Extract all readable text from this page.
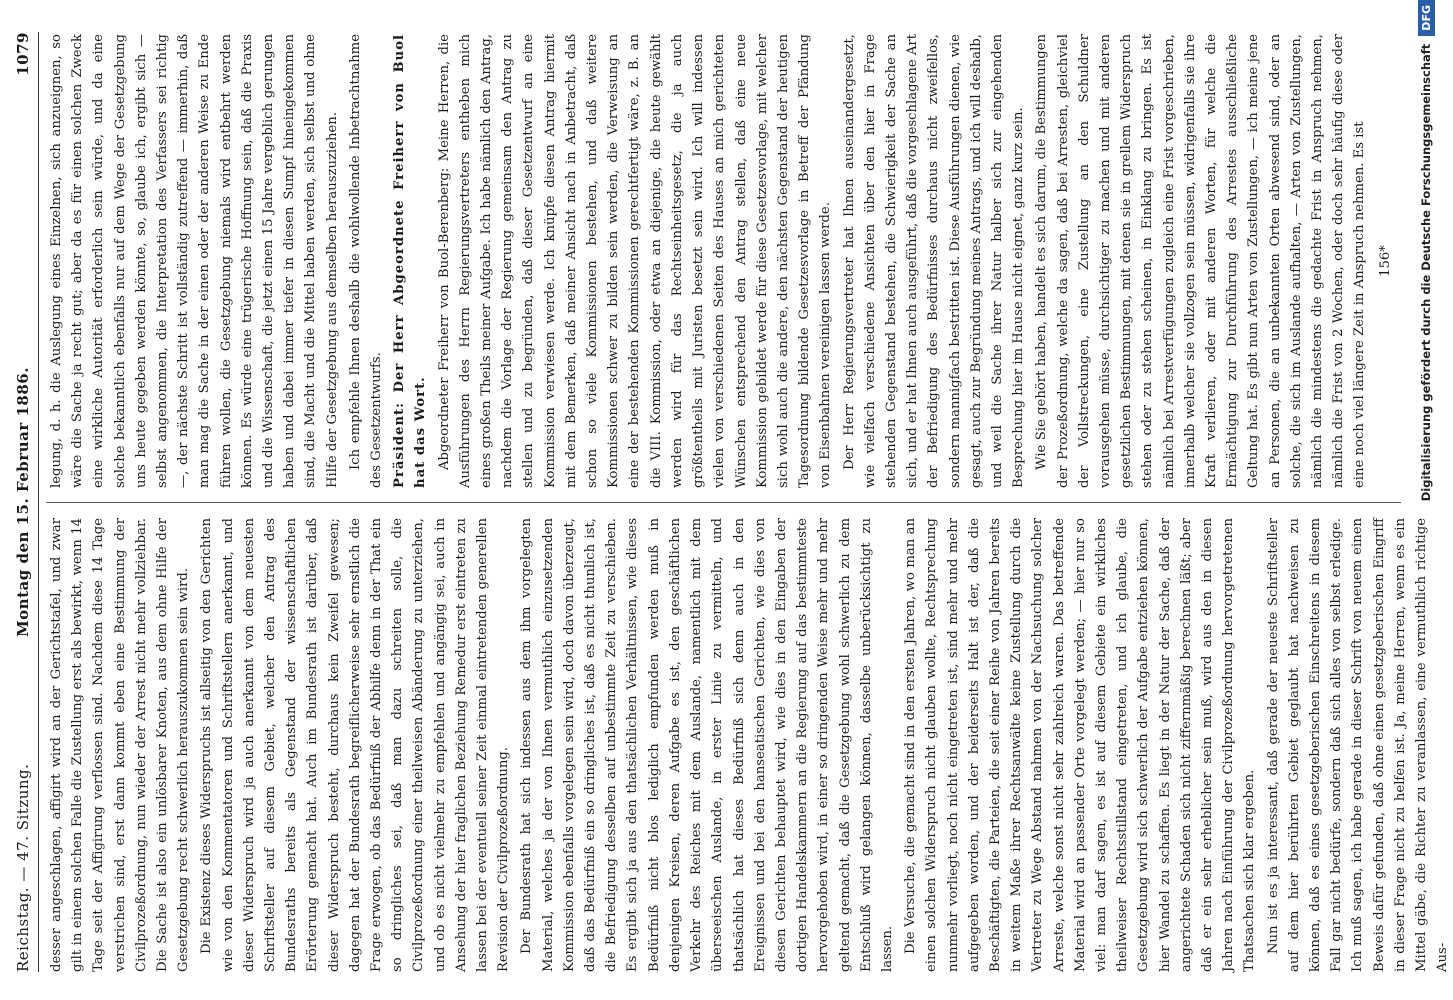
Reichstag. — 47. Sitzung.
Montag den 15. Februar 1886.
1079

desser angeschlagen, affigirt wird an der Gerichtstafel, und zwar gilt in einem solchen Falle die Zustellung erst als bewirkt, wenn 14 Tage seit der Affigirung verflossen sind. Nachdem diese 14 Tage verstrichen sind, erst dann kommt eben eine Bestimmung der Civilprozeßordnung, nun wieder der Arrest nicht mehr vollziehbar. Die Sache ist also ein unlösbarer Knoten, aus dem ohne Hilfe der Gesetzgebung recht schwerlich herauszukommen sein wird. Die Existenz dieses Widerspruchs ist allseitig von den Gerichten wie von den Kommentatoren und Schriftstellern anerkannt, und dieser Widerspruch wird ja auch anerkannt von dem neuesten Schriftsteller auf diesem Gebiet, welcher den Antrag des Bundesraths bereits als Gegenstand der wissenschaftlichen Erörterung gemacht hat. Auch im Bundesrath ist darüber, daß dieser Widerspruch besteht, durchaus kein Zweifel gewesen; dagegen hat der Bundesrath begreiflicherweise sehr ernstlich die Frage erwogen, ob das Bedürfniß der Abhilfe denn in der That ein so dringliches sei, daß man dazu schreiten solle, die Civilprozeßordnung einer theilweisen Abänderung zu unterziehen, und ob es nicht vielmehr zu empfehlen und angängig sei, auch in Ansehung der hier fraglichen Beziehung Remedur erst eintreten zu lassen bei der eventuell seiner Zeit einmal eintretenden generellen Revision der Civilprozeßordnung. Der Bundesrath hat sich indessen aus dem ihm vorgelegten Material, welches ja der von Ihnen vermuthlich einzusetzenden Kommission ebenfalls vorgelegen sein wird, doch davon überzeugt, daß das Bedürfniß ein so dringliches ist, daß es nicht thunlich ist, die Befriedigung desselben auf unbestimmte Zeit zu verschieben. Es ergibt sich ja aus den thatsächlichen Verhältnissen, wie dieses Bedürfniß nicht blos lediglich empfunden werden muß in denjenigen Kreisen, deren Aufgabe es ist, den geschäftlichen Verkehr des Reiches mit dem Auslande, namentlich mit dem überseeischen Auslande, in erster Linie zu vermitteln, und thatsächlich hat dieses Bedürfniß sich denn auch in den Ereignissen und bei den hanseatischen Gerichten, wie dies von diesen Gerichten behauptet wird, wie dies in den Eingaben der dortigen Handelskammern an die Regierung auf das bestimmteste hervorgehoben wird, in einer so dringenden Weise mehr und mehr geltend gemacht, daß die Gesetzgebung wohl schwerlich zu dem Entschluß wird gelangen können, dasselbe unberücksichtigt zu lassen. Die Versuche, die gemacht sind in den ersten Jahren, wo man an einen solchen Widerspruch nicht glauben wollte, Rechtsprechung nunmehr vorliegt, noch nicht eingetreten ist, sind mehr und mehr aufgegeben worden, und der beiderseits Halt ist der, daß die Beschäftigten, die Parteien, die seit einer Reihe von Jahren bereits in weitem Maße ihrer Rechtsanwälte keine Zustellung durch die Vertreter zu Wege Abstand nahmen von der Nachsuchung solcher Arreste, welche sonst nicht sehr zahlreich waren. Das betreffende Material wird an passender Orte vorgelegt werden; — hier nur so viel: man darf sagen, es ist auf diesem Gebiete ein wirkliches theilweiser Rechtsstillstand eingetreten, und ich glaube, die Gesetzgebung wird sich schwerlich der Aufgabe entziehen können, hier Wandel zu schaffen. Es liegt in der Natur der Sache, daß der angerichtete Schaden sich nicht ziffernmäßig berechnen läßt; aber daß er ein sehr erheblicher sein muß, wird aus den in diesen Jahren nach Einführung der Civilprozeßordnung hervorgetretenen Thatsachen sich klar ergeben. Nun ist es ja interessant, daß gerade der neueste Schriftsteller auf dem hier berührten Gebiet geglaubt hat nachweisen zu können, daß es eines gesetzgeberischen Einschreitens in diesem Fall gar nicht bedürfe, sondern daß sich alles von selbst erledige. Ich muß sagen, ich habe gerade in dieser Schrift von neuem einen Beweis dafür gefunden, daß ohne einen gesetzgeberischen Eingriff in dieser Frage nicht zu helfen ist. Ja, meine Herren, wenn es ein Mittel gäbe, die Richter zu veranlassen, eine vermuthlich richtige Aus-

legung, d. h. die Auslegung eines Einzelnen, sich anzueignen, so wäre die Sache ja recht gut; aber da es für einen solchen Zweck eine wirkliche Autorität erforderlich sein würde, und da eine solche bekanntlich ebenfalls nur auf dem Wege der Gesetzgebung uns heute gegeben werden könnte, so, glaube ich, ergibt sich — selbst angenommen, die Interpretation des Verfassers sei richtig —, der nächste Schritt ist vollständig zutreffend — immerhin, daß man mag die Sache in der einen oder der anderen Weise zu Ende führen wollen, die Gesetzgebung niemals wird entbehrt werden können. Es würde eine trügerische Hoffnung sein, daß die Praxis und die Wissenschaft, die jetzt einen 15 Jahre vergeblich gerungen haben und dabei immer tiefer in diesen Sumpf hineingekommen sind, die Macht und die Mittel haben werden, sich selbst und ohne Hilfe der Gesetzgebung aus demselben herauszuziehen. Ich empfehle Ihnen deshalb die wohlwollende Inbetrachtnahme des Gesetzentwurfs. Präsident: Der Herr Abgeordnete Freiherr von Buol hat das Wort. Abgeordneter Freiherr von Buol-Berenberg: Meine Herren, die Ausführungen des Herrn Regierungsvertreters entheben mich eines großen Theils meiner Aufgabe. Ich habe nämlich den Antrag, nachdem die Vorlage der Regierung gemeinsam den Antrag zu stellen und zu begründen, daß dieser Gesetzentwurf an eine Kommission verwiesen werde. Ich knüpfe diesen Antrag hiermit mit dem Bemerken, daß meiner Ansicht nach in Anbetracht, daß schon so viele Kommissionen bestehen, und daß weitere Kommissionen schwer zu bilden sein werden, die Verweisung an eine der bestehenden Kommissionen gerechtfertigt wäre, z. B. an die VIII. Kommission, oder etwa an diejenige, die heute gewählt werden wird für das Rechtseinheitsgesetz, die ja auch größtentheils mit Juristen besetzt sein wird. Ich will indessen vielen von verschiedenen Seiten des Hauses an mich gerichteten Wünschen entsprechend den Antrag stellen, daß eine neue Kommission gebildet werde für diese Gesetzesvorlage, mit welcher sich wohl auch die andere, den nächsten Gegenstand der heutigen Tagesordnung bildende Gesetzesvorlage in Betreff der Pfändung von Eisenbahnen vereinigen lassen werde. Der Herr Regierungsvertreter hat Ihnen auseinandergesetzt, wie vielfach verschiedene Ansichten über den hier in Frage stehenden Gegenstand bestehen, die Schwierigkeit der Sache an sich, und er hat Ihnen auch ausgeführt, daß die vorgeschlagene Art der Befriedigung des Bedürfnisses durchaus nicht zweifellos, sondern mannigfach bestritten ist. Diese Ausführungen dienen, wie gesagt, auch zur Begründung meines Antrags, und ich will deshalb, und weil die Sache ihrer Natur halber sich zur eingehenden Besprechung hier im Hause nicht eignet, ganz kurz sein. Wie Sie gehört haben, handelt es sich darum, die Bestimmungen der Prozeßordnung, welche da sagen, daß bei Arresten, gleichviel der Vollstreckungen, eine Zustellung an den Schuldner vorausgehen müsse, durchsichtiger zu machen und mit anderen gesetzlichen Bestimmungen, mit denen sie in grellem Widerspruch stehen oder zu stehen scheinen, in Einklang zu bringen. Es ist nämlich bei Arrestverfügungen zugleich eine Frist vorgeschrieben, innerhalb welcher sie vollzogen sein müssen, widrigenfalls sie ihre Kraft verlieren, oder mit anderen Worten, für welche die Ermächtigung zur Durchführung des Arrestes ausschließliche Geltung hat. Es gibt nun Arten von Zustellungen, — ich meine jene an Personen, die an unbekannten Orten abwesend sind, oder an solche, die sich im Auslande aufhalten, — Arten von Zustellungen, nämlich die mindestens die gedachte Frist in Anspruch nehmen, nämlich die Frist von 2 Wochen, oder doch sehr häufig diese oder eine noch viel längere Zeit in Anspruch nehmen. Es ist 156*	Digitalisierung gefördert durch die Deutsche Forschungsgemeinschaft DFG
